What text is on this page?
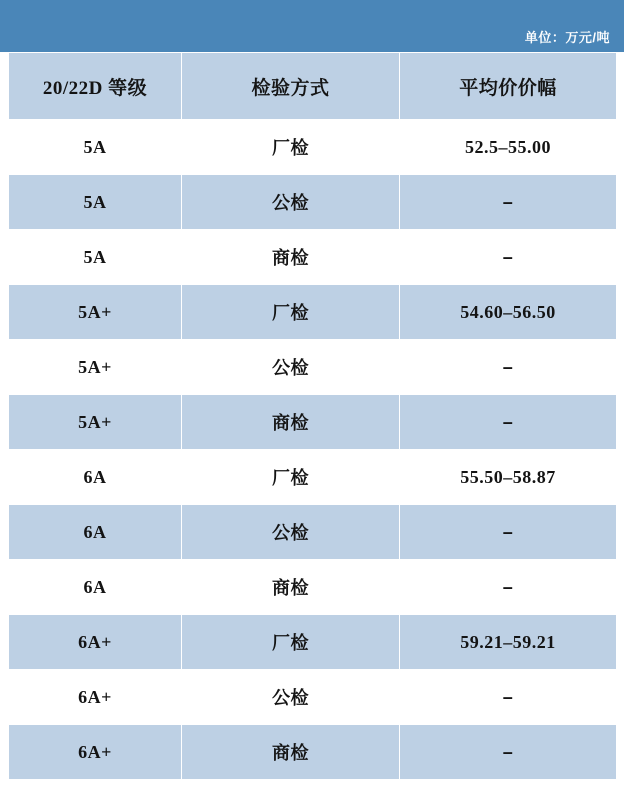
单位：万元/吨
20/22D 等级	检验方式	平均价价幅
5A	厂检	52.5–55.00
5A	公检	–
5A	商检	–
5A+	厂检	54.60–56.50
5A+	公检	–
5A+	商检	–
6A	厂检	55.50–58.87
6A	公检	–
6A	商检	–
6A+	厂检	59.21–59.21
6A+	公检	–
6A+	商检	–
